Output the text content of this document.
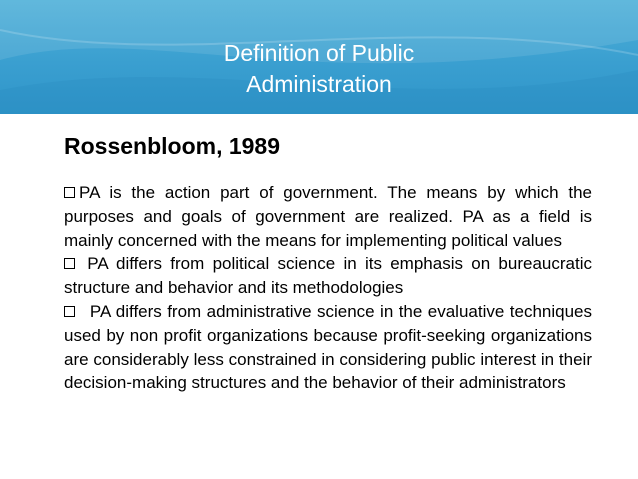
Definition of Public
Administration
Rossenbloom, 1989

PA is the action part of government. The means by which the purposes and goals of government are realized. PA as a field is mainly concerned with the means for implementing political values

PA differs from political science in its emphasis on bureaucratic structure and behavior and its methodologies

PA differs from administrative science in the evaluative techniques used by non profit organizations because profit-seeking organizations are considerably less constrained in considering public interest in their decision-making structures and the behavior of their administrators
